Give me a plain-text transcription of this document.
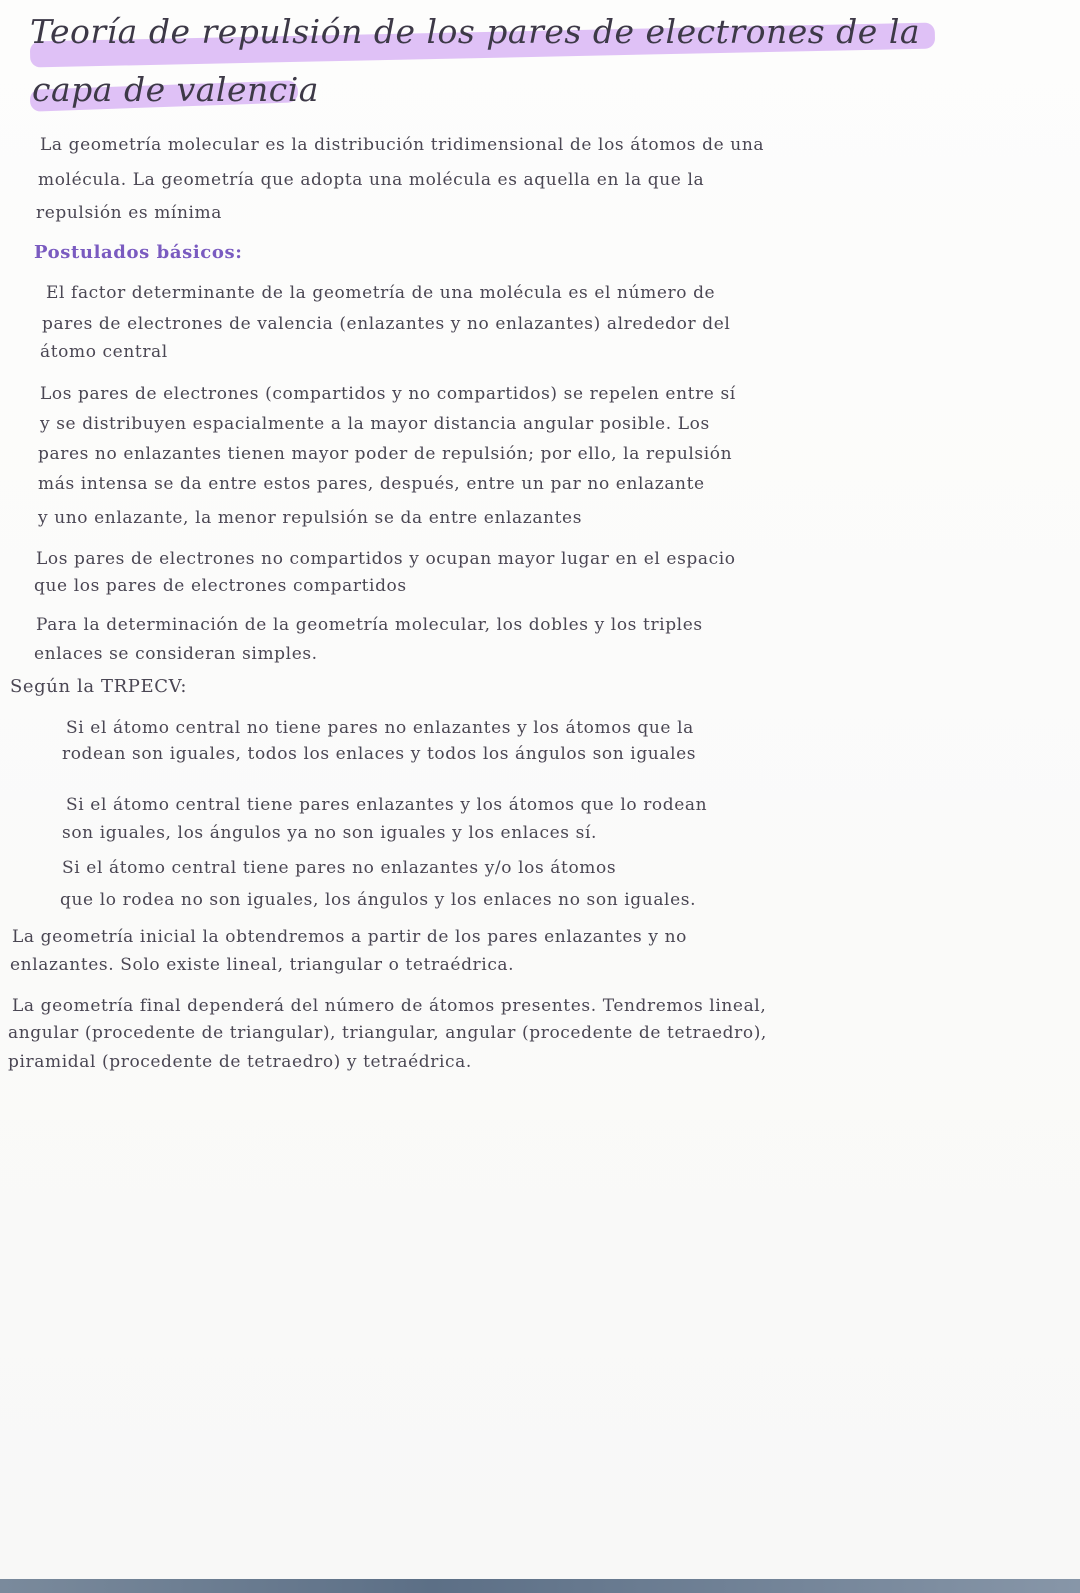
Teoría de repulsión de los pares de electrones de la
capa de valencia
La geometría molecular es la distribución tridimensional de los átomos de una
molécula. La geometría que adopta una molécula es aquella en la que la
repulsión es mínima
Postulados básicos:
El factor determinante de la geometría de una molécula es el número de
pares de electrones de valencia (enlazantes y no enlazantes) alrededor del
átomo central
Los pares de electrones (compartidos y no compartidos) se repelen entre sí
y se distribuyen espacialmente a la mayor distancia angular posible. Los
pares no enlazantes tienen mayor poder de repulsión; por ello, la repulsión
más intensa se da entre estos pares, después, entre un par no enlazante
y uno enlazante, la menor repulsión se da entre enlazantes
Los pares de electrones no compartidos y ocupan mayor lugar en el espacio
que los pares de electrones compartidos
Para la determinación de la geometría molecular, los dobles y los triples
enlaces se consideran simples.
Según la TRPECV:
Si el átomo central no tiene pares no enlazantes y los átomos que la
rodean son iguales, todos los enlaces y todos los ángulos son iguales
Si el átomo central tiene pares enlazantes y los átomos que lo rodean
son iguales, los ángulos ya no son iguales y los enlaces sí.
Si el átomo central tiene pares no enlazantes y/o los átomos
que lo rodea no son iguales, los ángulos y los enlaces no son iguales.
La geometría inicial la obtendremos a partir de los pares enlazantes y no
enlazantes. Solo existe lineal, triangular o tetraédrica.
La geometría final dependerá del número de átomos presentes. Tendremos lineal,
angular (procedente de triangular), triangular, angular (procedente de tetraedro),
piramidal (procedente de tetraedro) y tetraédrica.
